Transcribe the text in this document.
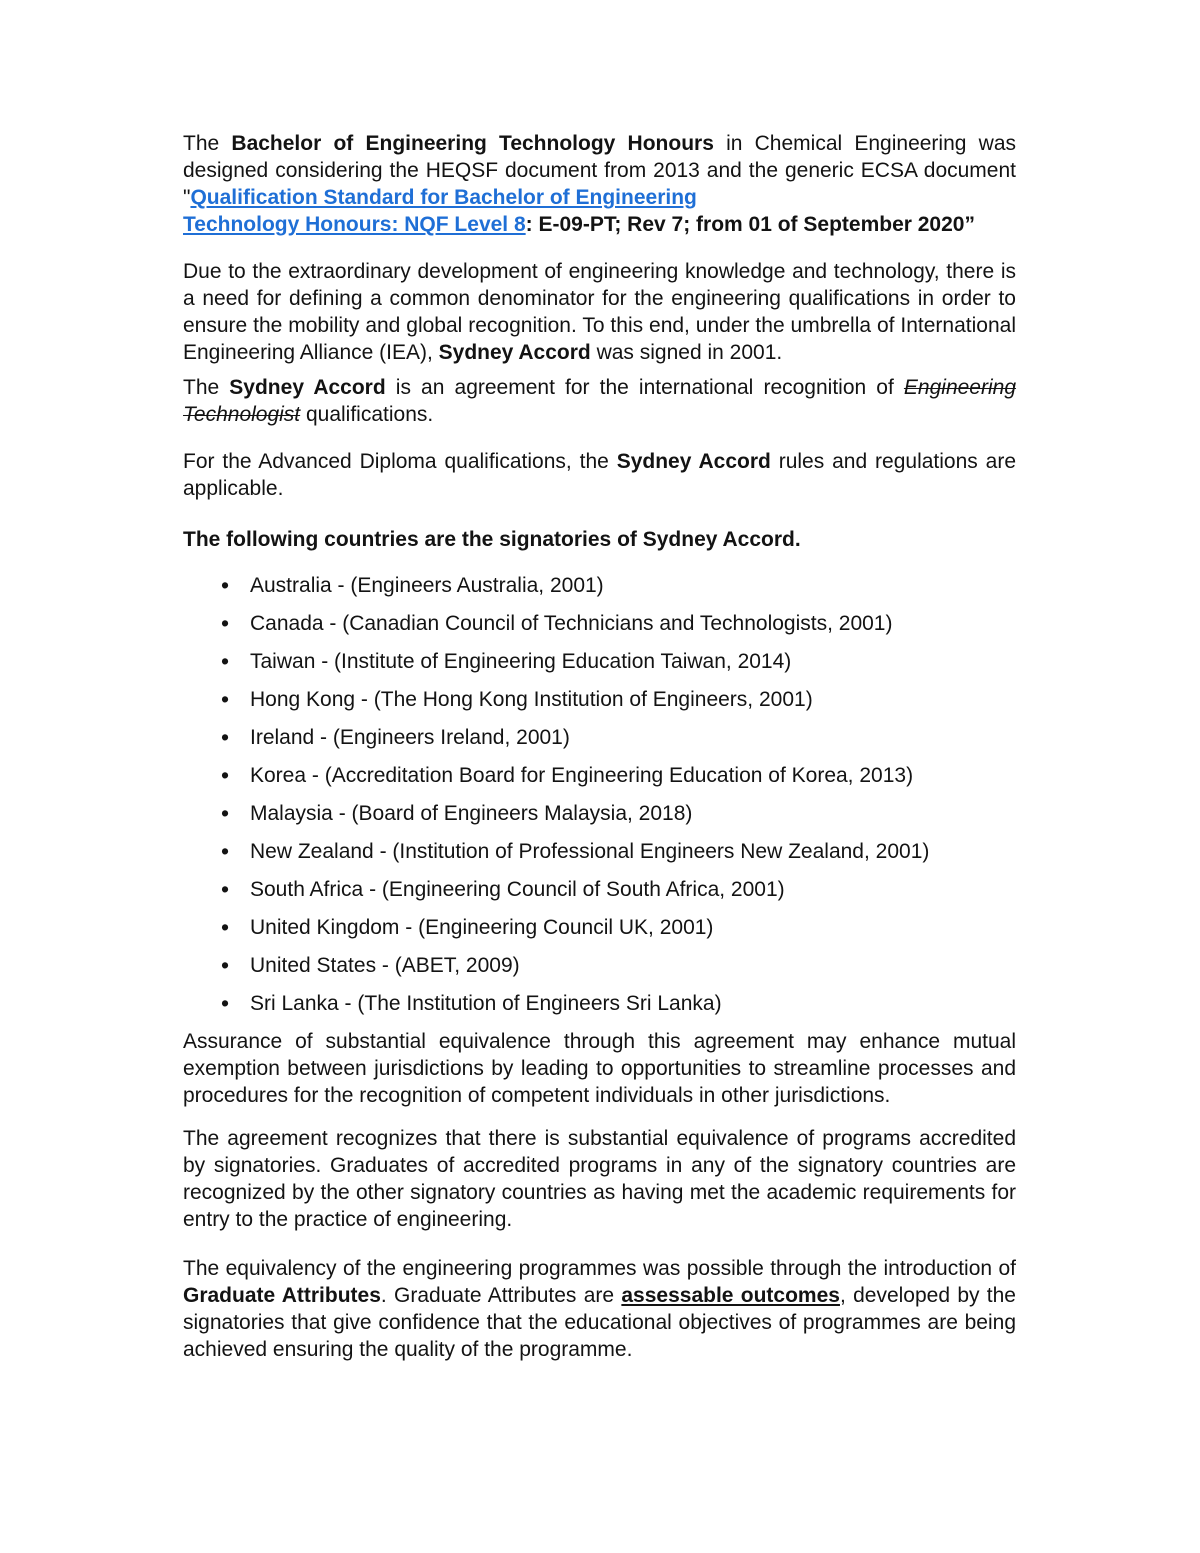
The Bachelor of Engineering Technology Honours in Chemical Engineering was designed considering the HEQSF document from 2013 and the generic ECSA document "Qualification Standard for Bachelor of Engineering
Technology Honours: NQF Level 8: E-09-PT; Rev 7; from 01 of September 2020”

Due to the extraordinary development of engineering knowledge and technology, there is a need for defining a common denominator for the engineering qualifications in order to ensure the mobility and global recognition. To this end, under the umbrella of International Engineering Alliance (IEA), Sydney Accord was signed in 2001.

The Sydney Accord is an agreement for the international recognition of Engineering Technologist qualifications.

For the Advanced Diploma qualifications, the Sydney Accord rules and regulations are applicable.

The following countries are the signatories of Sydney Accord.

• Australia - (Engineers Australia, 2001)
• Canada - (Canadian Council of Technicians and Technologists, 2001)
• Taiwan - (Institute of Engineering Education Taiwan, 2014)
• Hong Kong - (The Hong Kong Institution of Engineers, 2001)
• Ireland - (Engineers Ireland, 2001)
• Korea - (Accreditation Board for Engineering Education of Korea, 2013)
• Malaysia - (Board of Engineers Malaysia, 2018)
• New Zealand - (Institution of Professional Engineers New Zealand, 2001)
• South Africa - (Engineering Council of South Africa, 2001)
• United Kingdom - (Engineering Council UK, 2001)
• United States - (ABET, 2009)
• Sri Lanka - (The Institution of Engineers Sri Lanka)

Assurance of substantial equivalence through this agreement may enhance mutual exemption between jurisdictions by leading to opportunities to streamline processes and procedures for the recognition of competent individuals in other jurisdictions.

The agreement recognizes that there is substantial equivalence of programs accredited by signatories. Graduates of accredited programs in any of the signatory countries are recognized by the other signatory countries as having met the academic requirements for entry to the practice of engineering.

The equivalency of the engineering programmes was possible through the introduction of Graduate Attributes. Graduate Attributes are assessable outcomes, developed by the signatories that give confidence that the educational objectives of programmes are being achieved ensuring the quality of the programme.
